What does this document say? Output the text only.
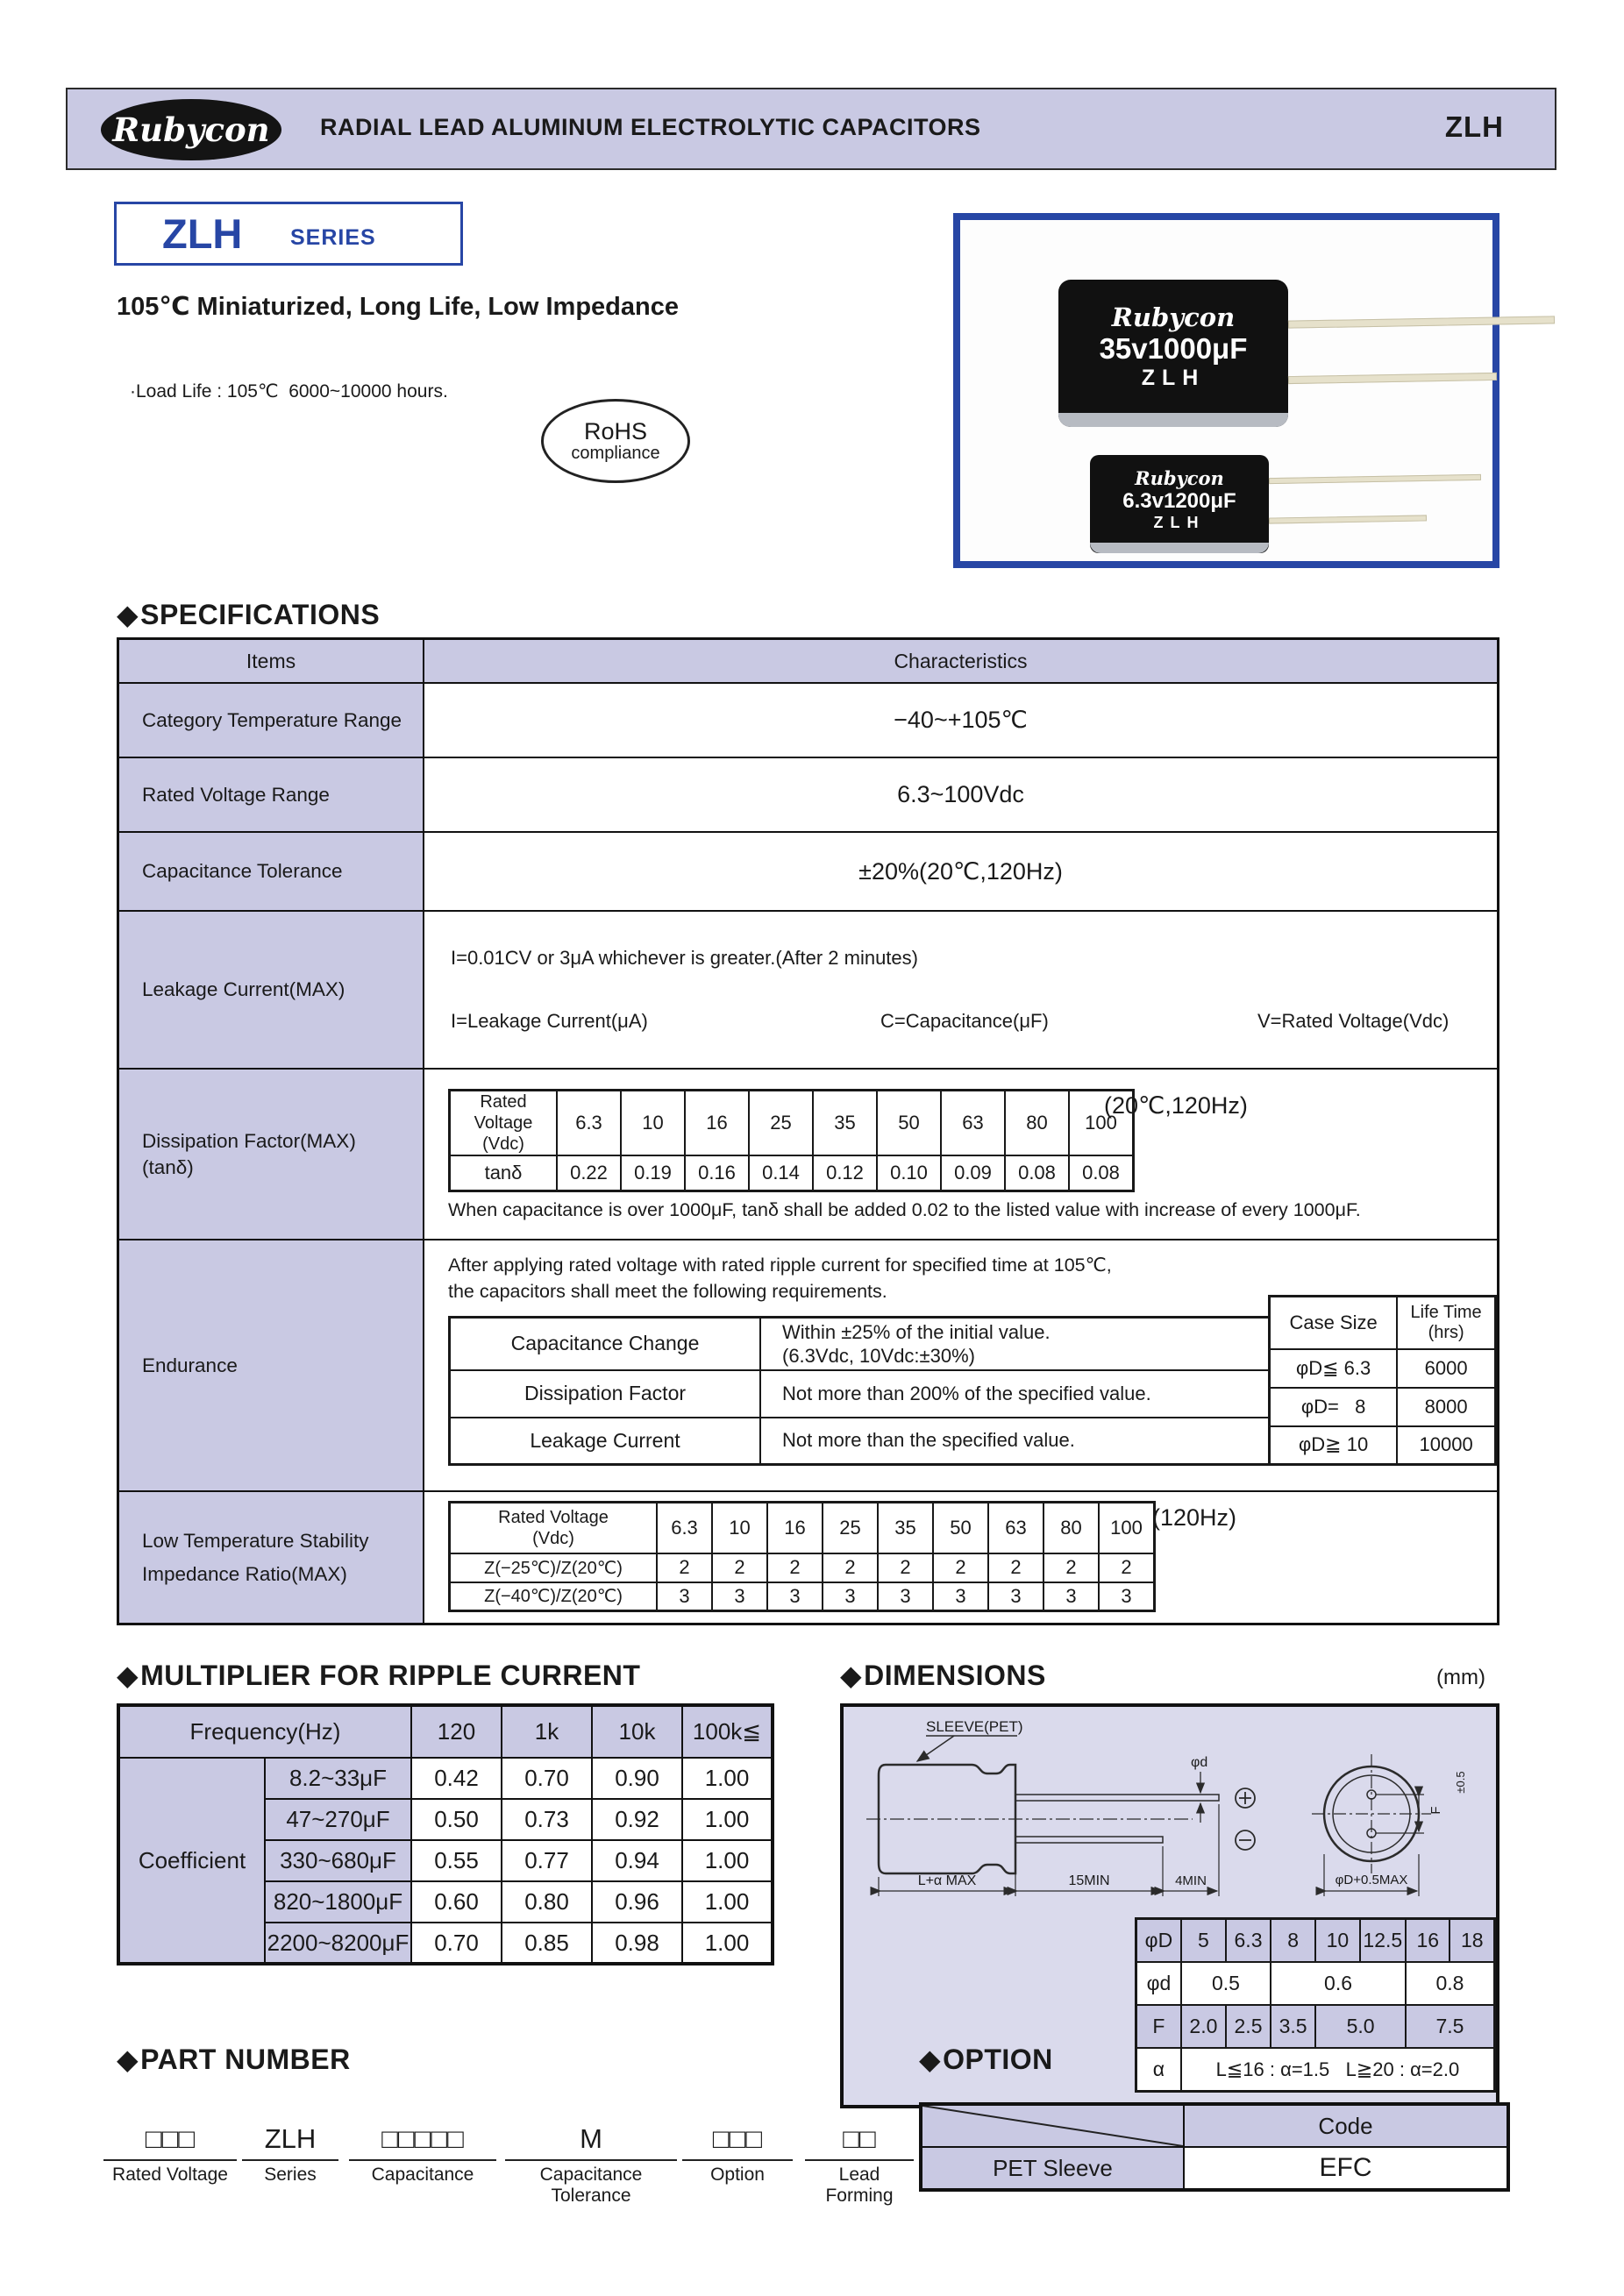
Rubycon RADIAL LEAD ALUMINUM ELECTROLYTIC CAPACITORS	ZLH
ZLH SERIES
105℃ Miniaturized, Long Life, Low Impedance
·Load Life : 105℃  6000~10000 hours.
RoHS
compliance
Rubycon
35v1000μF
ZLH
Rubycon
6.3v1200μF
ZLH
◆SPECIFICATIONS
Items	Characteristics
Category Temperature Range	−40~+105℃
Rated Voltage Range	6.3~100Vdc
Capacitance Tolerance	±20%(20℃,120Hz)
Leakage Current(MAX)
I=0.01CV or 3μA whichever is greater.(After 2 minutes)
I=Leakage Current(μA)	C=Capacitance(μF)	V=Rated Voltage(Vdc)
Dissipation Factor(MAX)
(tanδ)
Rated Voltage
(Vdc)	6.3	10	16	25	35	50	63	80	100
tanδ	0.22	0.19	0.16	0.14	0.12	0.10	0.09	0.08	0.08
(20℃,120Hz)
When capacitance is over 1000μF, tanδ shall be added 0.02 to the listed value with increase of every 1000μF.
Endurance
After applying rated voltage with rated ripple current for specified time at 105℃,
the capacitors shall meet the following requirements.
Capacitance Change	Within ±25% of the initial value.
(6.3Vdc, 10Vdc:±30%)
Dissipation Factor	Not more than 200% of the specified value.
Leakage Current	Not more than the specified value.
Case Size	Life Time
(hrs)
φD≦ 6.3	6000
φD=   8	8000
φD≧ 10	10000
Low Temperature Stability
Impedance Ratio(MAX)
Rated Voltage
(Vdc)	6.3	10	16	25	35	50	63	80	100
Z(−25℃)/Z(20℃)	2	2	2	2	2	2	2	2	2
Z(−40℃)/Z(20℃)	3	3	3	3	3	3	3	3	3
(120Hz)
◆MULTIPLIER FOR RIPPLE CURRENT
Frequency(Hz)		120	1k	10k	100k≦
Coefficient	8.2~33μF	0.42	0.70	0.90	1.00
	47~270μF	0.50	0.73	0.92	1.00
	330~680μF	0.55	0.77	0.94	1.00
	820~1800μF	0.60	0.80	0.96	1.00
	2200~8200μF	0.70	0.85	0.98	1.00
◆DIMENSIONS	(mm)
SLEEVE(PET)
φd
F
±0.5
φD+0.5MAX
L+α MAX	15MIN	4MIN
φD	5	6.3	8	10	12.5	16	18
φd	0.5		0.6			0.8	
F	2.0	2.5	3.5	5.0		7.5	
α	L≦16 : α=1.5   L≧20 : α=2.0						
◆PART NUMBER
□□□
Rated Voltage
ZLH
Series
□□□□□
Capacitance
M
Capacitance Tolerance
□□□
Option
□□
Lead Forming
◆OPTION
	Code
PET Sleeve	EFC
